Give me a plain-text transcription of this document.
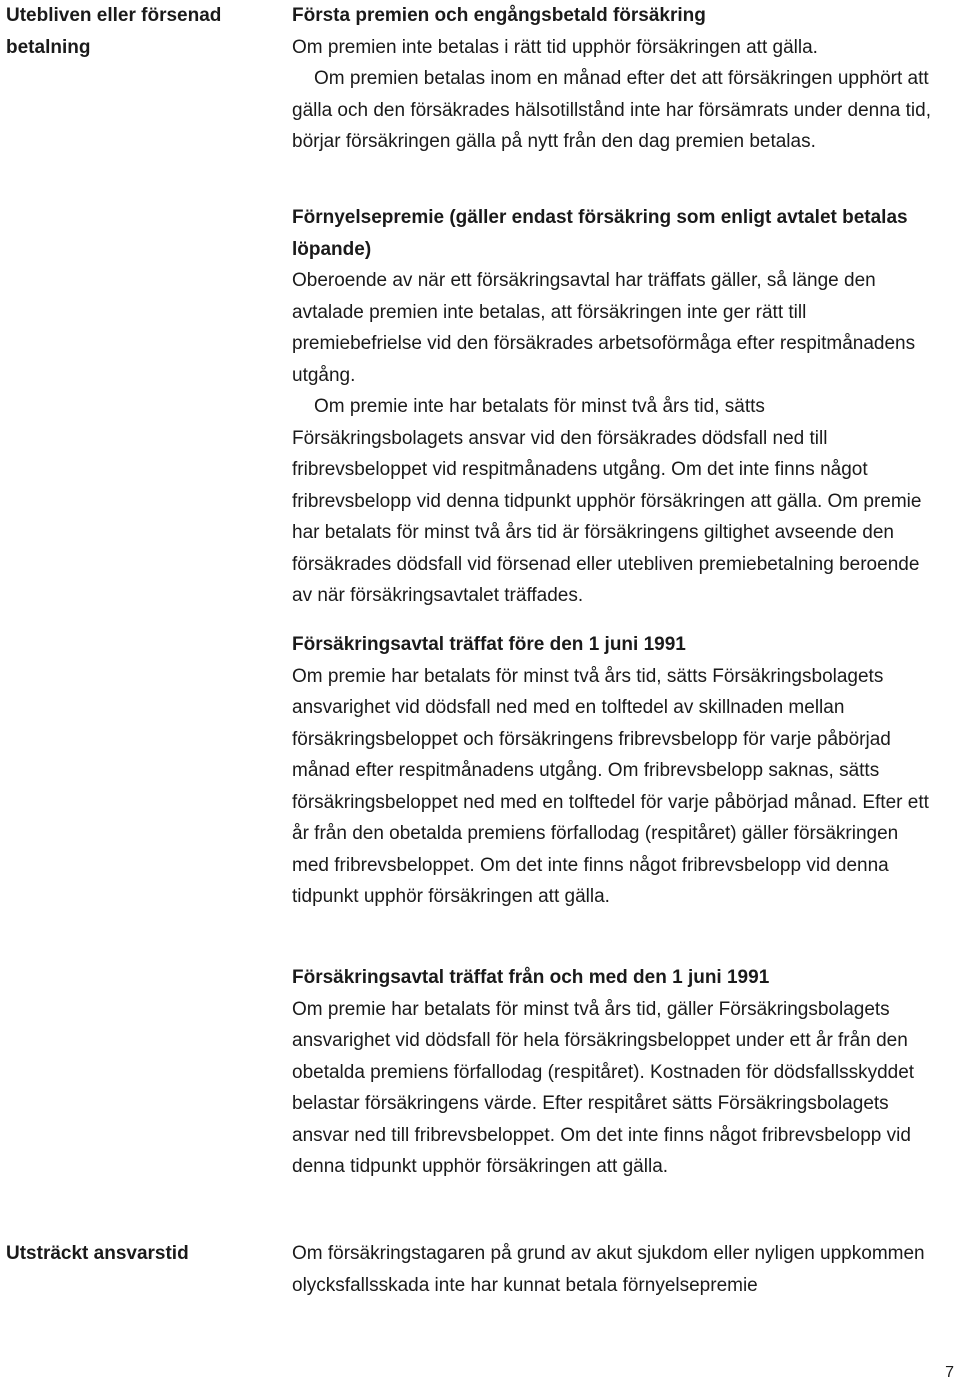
Utebliven eller försenad betalning
Utsträckt ansvarstid

Första premien och engångsbetald försäkring

Om premien inte betalas i rätt tid upphör försäkringen att gälla.

Om premien betalas inom en månad efter det att försäkringen upphört att gälla och den försäkrades hälsotillstånd inte har försämrats under denna tid, börjar försäkringen gälla på nytt från den dag premien betalas.

Förnyelsepremie (gäller endast försäkring som enligt avtalet betalas löpande)

Oberoende av när ett försäkringsavtal har träffats gäller, så länge den avtalade premien inte betalas, att försäkringen inte ger rätt till premiebefrielse vid den försäkrades arbetsoförmåga efter respitmånadens utgång.

Om premie inte har betalats för minst två års tid, sätts Försäkringsbolagets ansvar vid den försäkrades dödsfall ned till fribrevsbeloppet vid respitmånadens utgång. Om det inte finns något fribrevsbelopp vid denna tidpunkt upphör försäkringen att gälla. Om premie har betalats för minst två års tid är försäkringens giltighet avseende den försäkrades dödsfall vid försenad eller utebliven premiebetalning beroende av när försäkringsavtalet träffades.

Försäkringsavtal träffat före den 1 juni 1991

Om premie har betalats för minst två års tid, sätts Försäkringsbolagets ansvarighet vid dödsfall ned med en tolftedel av skillnaden mellan försäkringsbeloppet och försäkringens fribrevsbelopp för varje påbörjad månad efter respitmånadens utgång. Om fribrevsbelopp saknas, sätts försäkringsbeloppet ned med en tolftedel för varje påbörjad månad. Efter ett år från den obetalda premiens förfallodag (respitåret) gäller försäkringen med fribrevsbeloppet. Om det inte finns något fribrevsbelopp vid denna tidpunkt upphör försäkringen att gälla.

Försäkringsavtal träffat från och med den 1 juni 1991

Om premie har betalats för minst två års tid, gäller Försäkringsbolagets ansvarighet vid dödsfall för hela försäkringsbeloppet under ett år från den obetalda premiens förfallodag (respitåret). Kostnaden för dödsfallsskyddet belastar försäkringens värde. Efter respitåret sätts Försäkringsbolagets ansvar ned till fribrevsbeloppet. Om det inte finns något fribrevsbelopp vid denna tidpunkt upphör försäkringen att gälla.

Om försäkringstagaren på grund av akut sjukdom eller nyligen uppkommen olycksfallsskada inte har kunnat betala förnyelsepremie

7
